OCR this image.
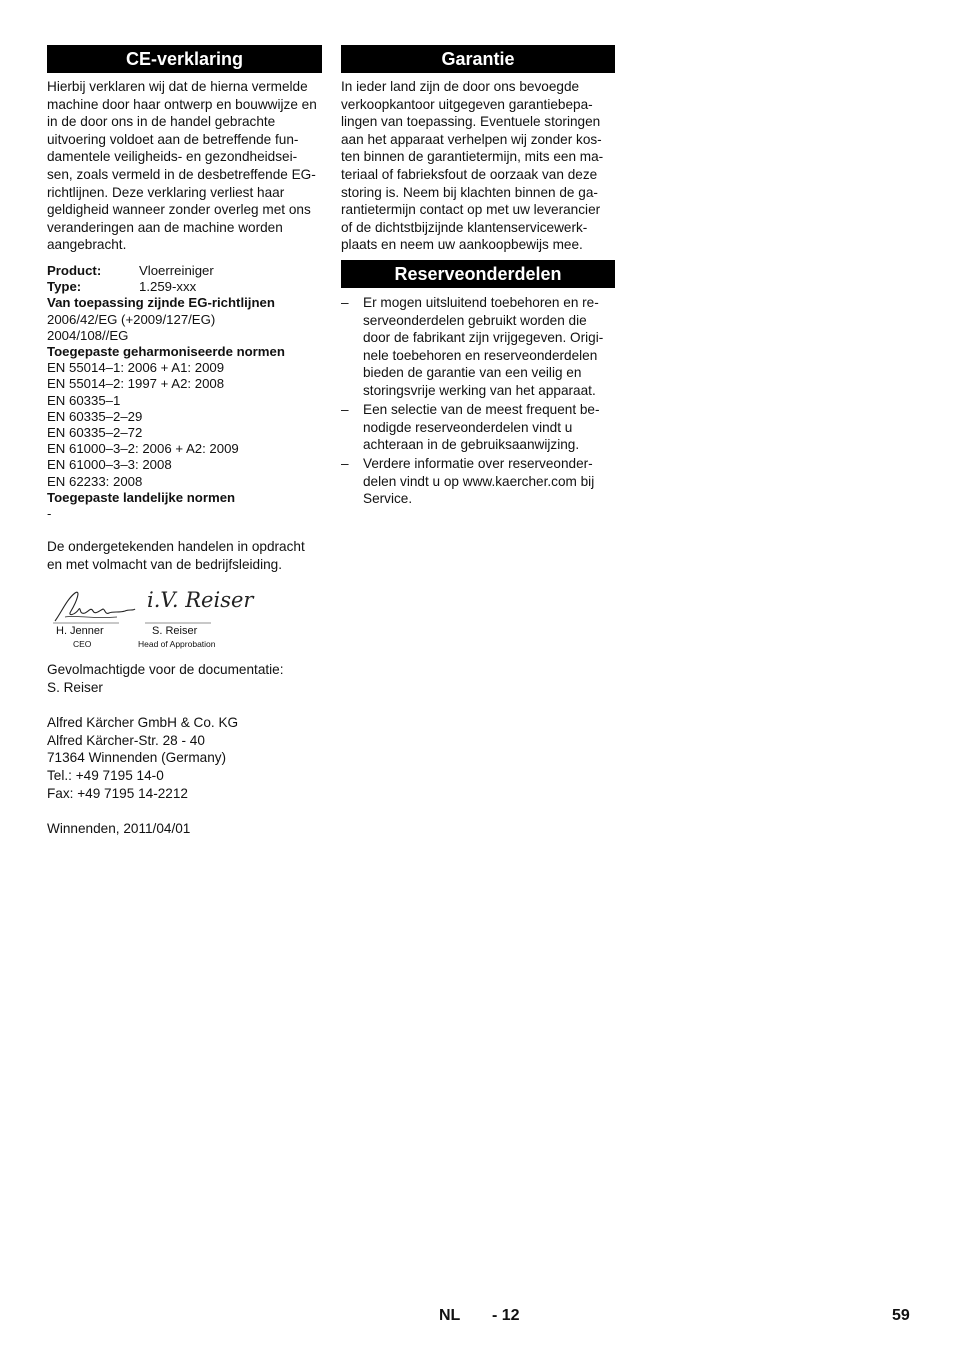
CE-verklaring

Hierbij verklaren wij dat de hierna vermelde machine door haar ontwerp en bouwwijze en in de door ons in de handel gebrachte uitvoering voldoet aan de betreffende fun-damentele veiligheids- en gezondheidsei-sen, zoals vermeld in de desbetreffende EG-richtlijnen. Deze verklaring verliest haar geldigheid wanneer zonder overleg met ons veranderingen aan de machine worden aangebracht.

Product:	Vloerreiniger
Type:	1.259-xxx
Van toepassing zijnde EG-richtlijnen
2006/42/EG (+2009/127/EG)
2004/108//EG
Toegepaste geharmoniseerde normen
EN 55014–1: 2006 + A1: 2009
EN 55014–2: 1997 + A2: 2008
EN 60335–1
EN 60335–2–29
EN 60335–2–72
EN 61000–3–2: 2006 + A2: 2009
EN 61000–3–3: 2008
EN 62233: 2008
Toegepaste landelijke normen
-

De ondergetekenden handelen in opdracht en met volmacht van de bedrijfsleiding.

i.V. Reiser
H. Jenner
CEO
S. Reiser
Head of Approbation

Gevolmachtigde voor de documentatie:

S. Reiser

Alfred Kärcher GmbH & Co. KG

Alfred Kärcher-Str. 28 - 40

71364 Winnenden (Germany)

Tel.: +49 7195 14-0

Fax: +49 7195 14-2212

Winnenden, 2011/04/01

Garantie

In ieder land zijn de door ons bevoegde verkoopkantoor uitgegeven garantiebepa-lingen van toepassing. Eventuele storingen aan het apparaat verhelpen wij zonder kos-ten binnen de garantietermijn, mits een ma-teriaal of fabrieksfout de oorzaak van deze storing is. Neem bij klachten binnen de ga-rantietermijn contact op met uw leverancier of de dichtstbijzijnde klantenservicewerk-plaats en neem uw aankoopbewijs mee.

Reserveonderdelen
– Er mogen uitsluitend toebehoren en re-serveonderdelen gebruikt worden die door de fabrikant zijn vrijgegeven. Origi-nele toebehoren en reserveonderdelen bieden de garantie van een veilig en storingsvrije werking van het apparaat.
– Een selectie van de meest frequent be-nodigde reserveonderdelen vindt u achteraan in de gebruiksaanwijzing.
– Verdere informatie over reserveonder-delen vindt u op www.kaercher.com bij Service.
NL - 12	59
